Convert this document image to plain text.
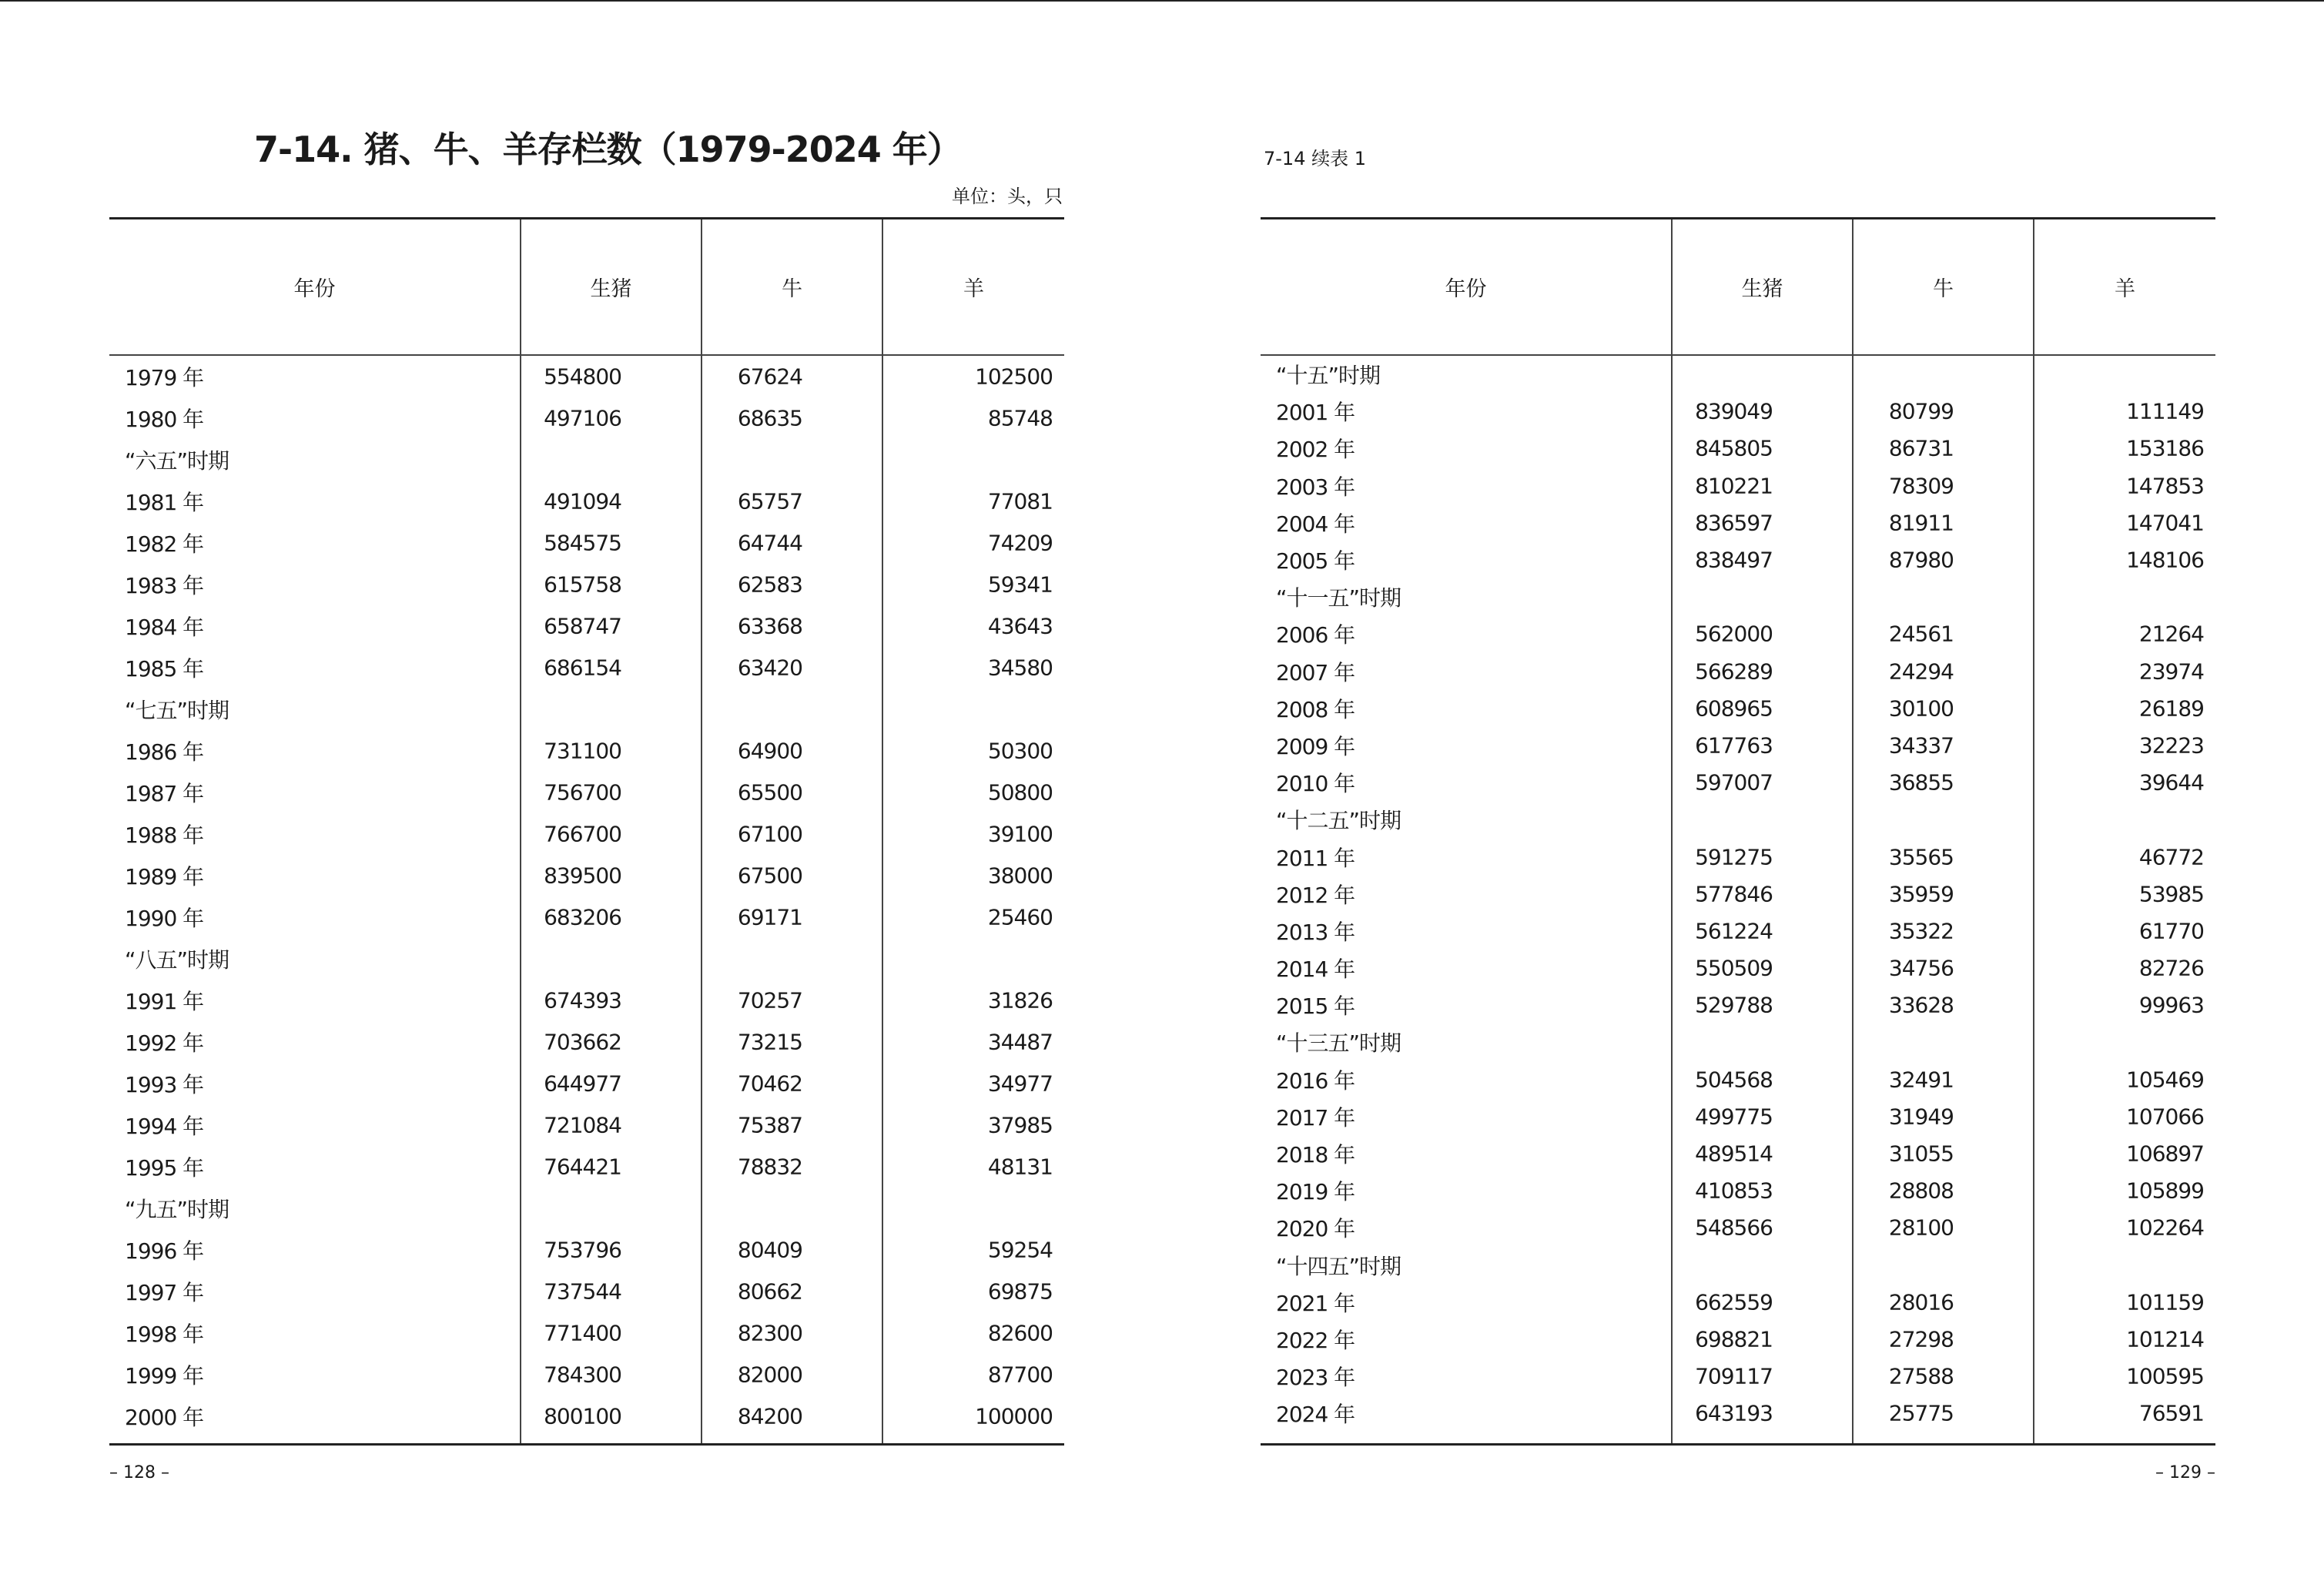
7-14. 猪、牛、羊存栏数（1979-2024 年）
单位：头，只
年份	生猪	牛	羊
1979 年	554800	67624	102500
1980 年	497106	68635	85748
“六五”时期
1981 年	491094	65757	77081
1982 年	584575	64744	74209
1983 年	615758	62583	59341
1984 年	658747	63368	43643
1985 年	686154	63420	34580
“七五”时期
1986 年	731100	64900	50300
1987 年	756700	65500	50800
1988 年	766700	67100	39100
1989 年	839500	67500	38000
1990 年	683206	69171	25460
“八五”时期
1991 年	674393	70257	31826
1992 年	703662	73215	34487
1993 年	644977	70462	34977
1994 年	721084	75387	37985
1995 年	764421	78832	48131
“九五”时期
1996 年	753796	80409	59254
1997 年	737544	80662	69875
1998 年	771400	82300	82600
1999 年	784300	82000	87700
2000 年	800100	84200	100000
– 128 –
7-14 续表 1
年份	生猪	牛	羊
“十五”时期
2001 年	839049	80799	111149
2002 年	845805	86731	153186
2003 年	810221	78309	147853
2004 年	836597	81911	147041
2005 年	838497	87980	148106
“十一五”时期
2006 年	562000	24561	21264
2007 年	566289	24294	23974
2008 年	608965	30100	26189
2009 年	617763	34337	32223
2010 年	597007	36855	39644
“十二五”时期
2011 年	591275	35565	46772
2012 年	577846	35959	53985
2013 年	561224	35322	61770
2014 年	550509	34756	82726
2015 年	529788	33628	99963
“十三五”时期
2016 年	504568	32491	105469
2017 年	499775	31949	107066
2018 年	489514	31055	106897
2019 年	410853	28808	105899
2020 年	548566	28100	102264
“十四五”时期
2021 年	662559	28016	101159
2022 年	698821	27298	101214
2023 年	709117	27588	100595
2024 年	643193	25775	76591
– 129 –
